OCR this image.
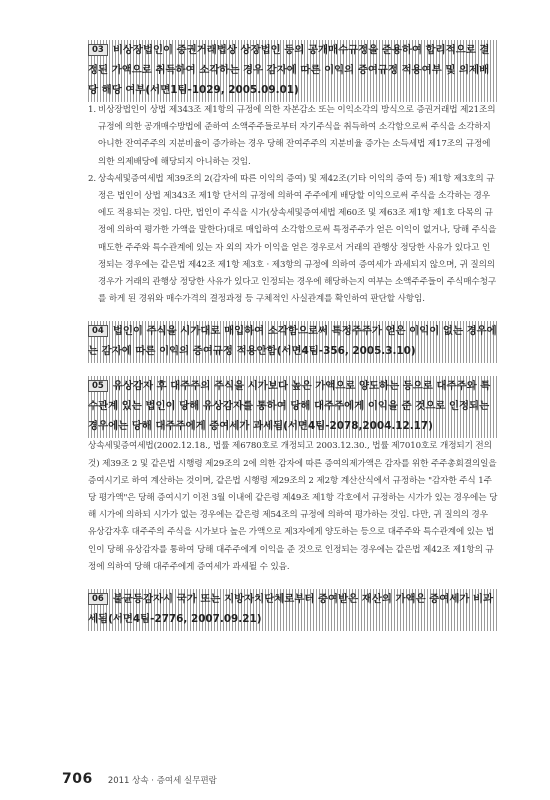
03 비상장법인이 증권거래법상 상장법인 등의 공개매수규정을 준용하여 합리적으로 결정된 가액으로 취득하여 소각하는 경우 감자에 따른 이익의 증여규정 적용여부 및 의제배당 해당 여부(서면1팀-1029, 2005.09.01)
1. 비상장법인이 상법 제343조 제1항의 규정에 의한 자본감소 또는 이익소각의 방식으로 증권거래법 제21조의 규정에 의한 공개매수방법에 준하여 소액주주들로부터 자기주식을 취득하여 소각함으로써 주식을 소각하지 아니한 잔여주주의 지분비율이 증가하는 경우 당해 잔여주주의 지분비율 증가는 소득세법 제17조의 규정에 의한 의제배당에 해당되지 아니하는 것임.
2. 상속세및증여세법 제39조의 2(감자에 따른 이익의 증여) 및 제42조(기타 이익의 증여 등) 제1항 제3호의 규정은 법인이 상법 제343조 제1항 단서의 규정에 의하여 주주에게 배당할 이익으로써 주식을 소각하는 경우에도 적용되는 것임. 다만, 법인이 주식을 시가(상속세및증여세법 제60조 및 제63조 제1항 제1호 다목의 규정에 의하여 평가한 가액을 말한다)대로 매입하여 소각함으로써 특정주주가 얻은 이익이 없거나, 당해 주식을 매도한 주주와 특수관계에 있는 자 외의 자가 이익을 얻은 경우로서 거래의 관행상 정당한 사유가 있다고 인정되는 경우에는 같은법 제42조 제1항 제3호 · 제3항의 규정에 의하여 증여세가 과세되지 않으며, 귀 질의의 경우가 거래의 관행상 정당한 사유가 있다고 인정되는 경우에 해당하는지 여부는 소액주주들이 주식매수청구를 하게 된 경위와 매수가격의 결정과정 등 구체적인 사실관계를 확인하여 판단할 사항임.
04 법인이 주식을 시가대로 매입하여 소각함으로써 특정주주가 얻은 이익이 없는 경우에는 감자에 따른 이익의 증여규정 적용안함(서면4팀-356, 2005.3.10)
05 유상감자 후 대주주의 주식을 시가보다 높은 가액으로 양도하는 등으로 대주주와 특수관계 있는 법인이 당해 유상감자를 통하여 당해 대주주에게 이익을 준 것으로 인정되는 경우에는 당해 대주주에게 증여세가 과세됨(서면4팀-2078,2004.12.17)
상속세및증여세법(2002.12.18., 법률 제6780호로 개정되고 2003.12.30., 법률 제7010호로 개정되기 전의 것) 제39조 2 및 같은법 시행령 제29조의 2에 의한 감자에 따른 증여의제가액은 감자를 위한 주주총회결의일을 증여시기로 하여 계산하는 것이며, 같은법 시행령 제29조의 2 제2항 계산산식에서 규정하는 "감자한 주식 1주당 평가액"은 당해 증여시기 이전 3월 이내에 같은령 제49조 제1항 각호에서 규정하는 시가가 있는 경우에는 당해 시가에 의하되 시가가 없는 경우에는 같은령 제54조의 규정에 의하여 평가하는 것임. 다만, 귀 질의의 경우 유상감자후 대주주의 주식을 시가보다 높은 가액으로 제3자에게 양도하는 등으로 대주주와 특수관계에 있는 법인이 당해 유상감자를 통하여 당해 대주주에게 이익을 준 것으로 인정되는 경우에는 같은법 제42조 제1항의 규정에 의하여 당해 대주주에게 증여세가 과세될 수 있음.
06 불균등감자시 국가 또는 지방자치단체로부터 증여받은 재산의 가액은 증여세가 비과세됨(서면4팀-2776, 2007.09.21)
706 2011 상속 · 증여세 실무편람
